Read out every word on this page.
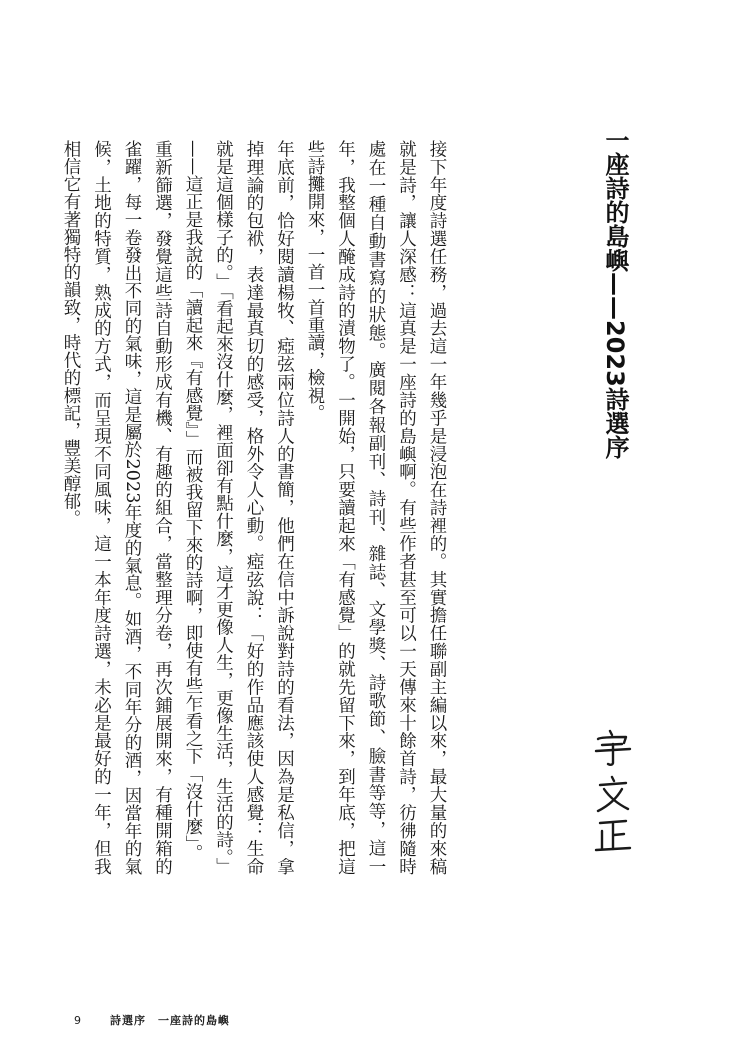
一座詩的島嶼——2023詩選序

接下年度詩選任務，過去這一年幾乎是浸泡在詩裡的。其實擔任聯副主編以來，最大量的來稿就是詩，讓人深感：這真是一座詩的島嶼啊。有些作者甚至可以一天傳來十餘首詩，彷彿隨時處在一種自動書寫的狀態。廣閱各報副刊、詩刊、雜誌、文學獎、詩歌節、臉書等等，這一年，我整個人醃成詩的漬物了。一開始，只要讀起來「有感覺」的就先留下來，到年底，把這些詩攤開來，一首一首重讀，檢視。

年底前，恰好閱讀楊牧、瘂弦兩位詩人的書簡，他們在信中訴說對詩的看法，因為是私信，拿掉理論的包袱，表達最真切的感受，格外令人心動。瘂弦說：「好的作品應該使人感覺：生命就是這個樣子的。」「看起來沒什麼，裡面卻有點什麼，這才更像人生，更像生活，生活的詩。」——這正是我說的「讀起來『有感覺』」而被我留下來的詩啊，即使有些乍看之下「沒什麼」。

重新篩選，發覺這些詩自動形成有機、有趣的組合，當整理分卷，再次鋪展開來，有種開箱的雀躍，每一卷發出不同的氣味，這是屬於2023年度的氣息。如酒，不同年分的酒，因當年的氣候，土地的特質，熟成的方式，而呈現不同風味，這一本年度詩選，未必是最好的一年，但我相信它有著獨特的韻致，時代的標記，豐美醇郁。

9	詩選序 一座詩的島嶼
